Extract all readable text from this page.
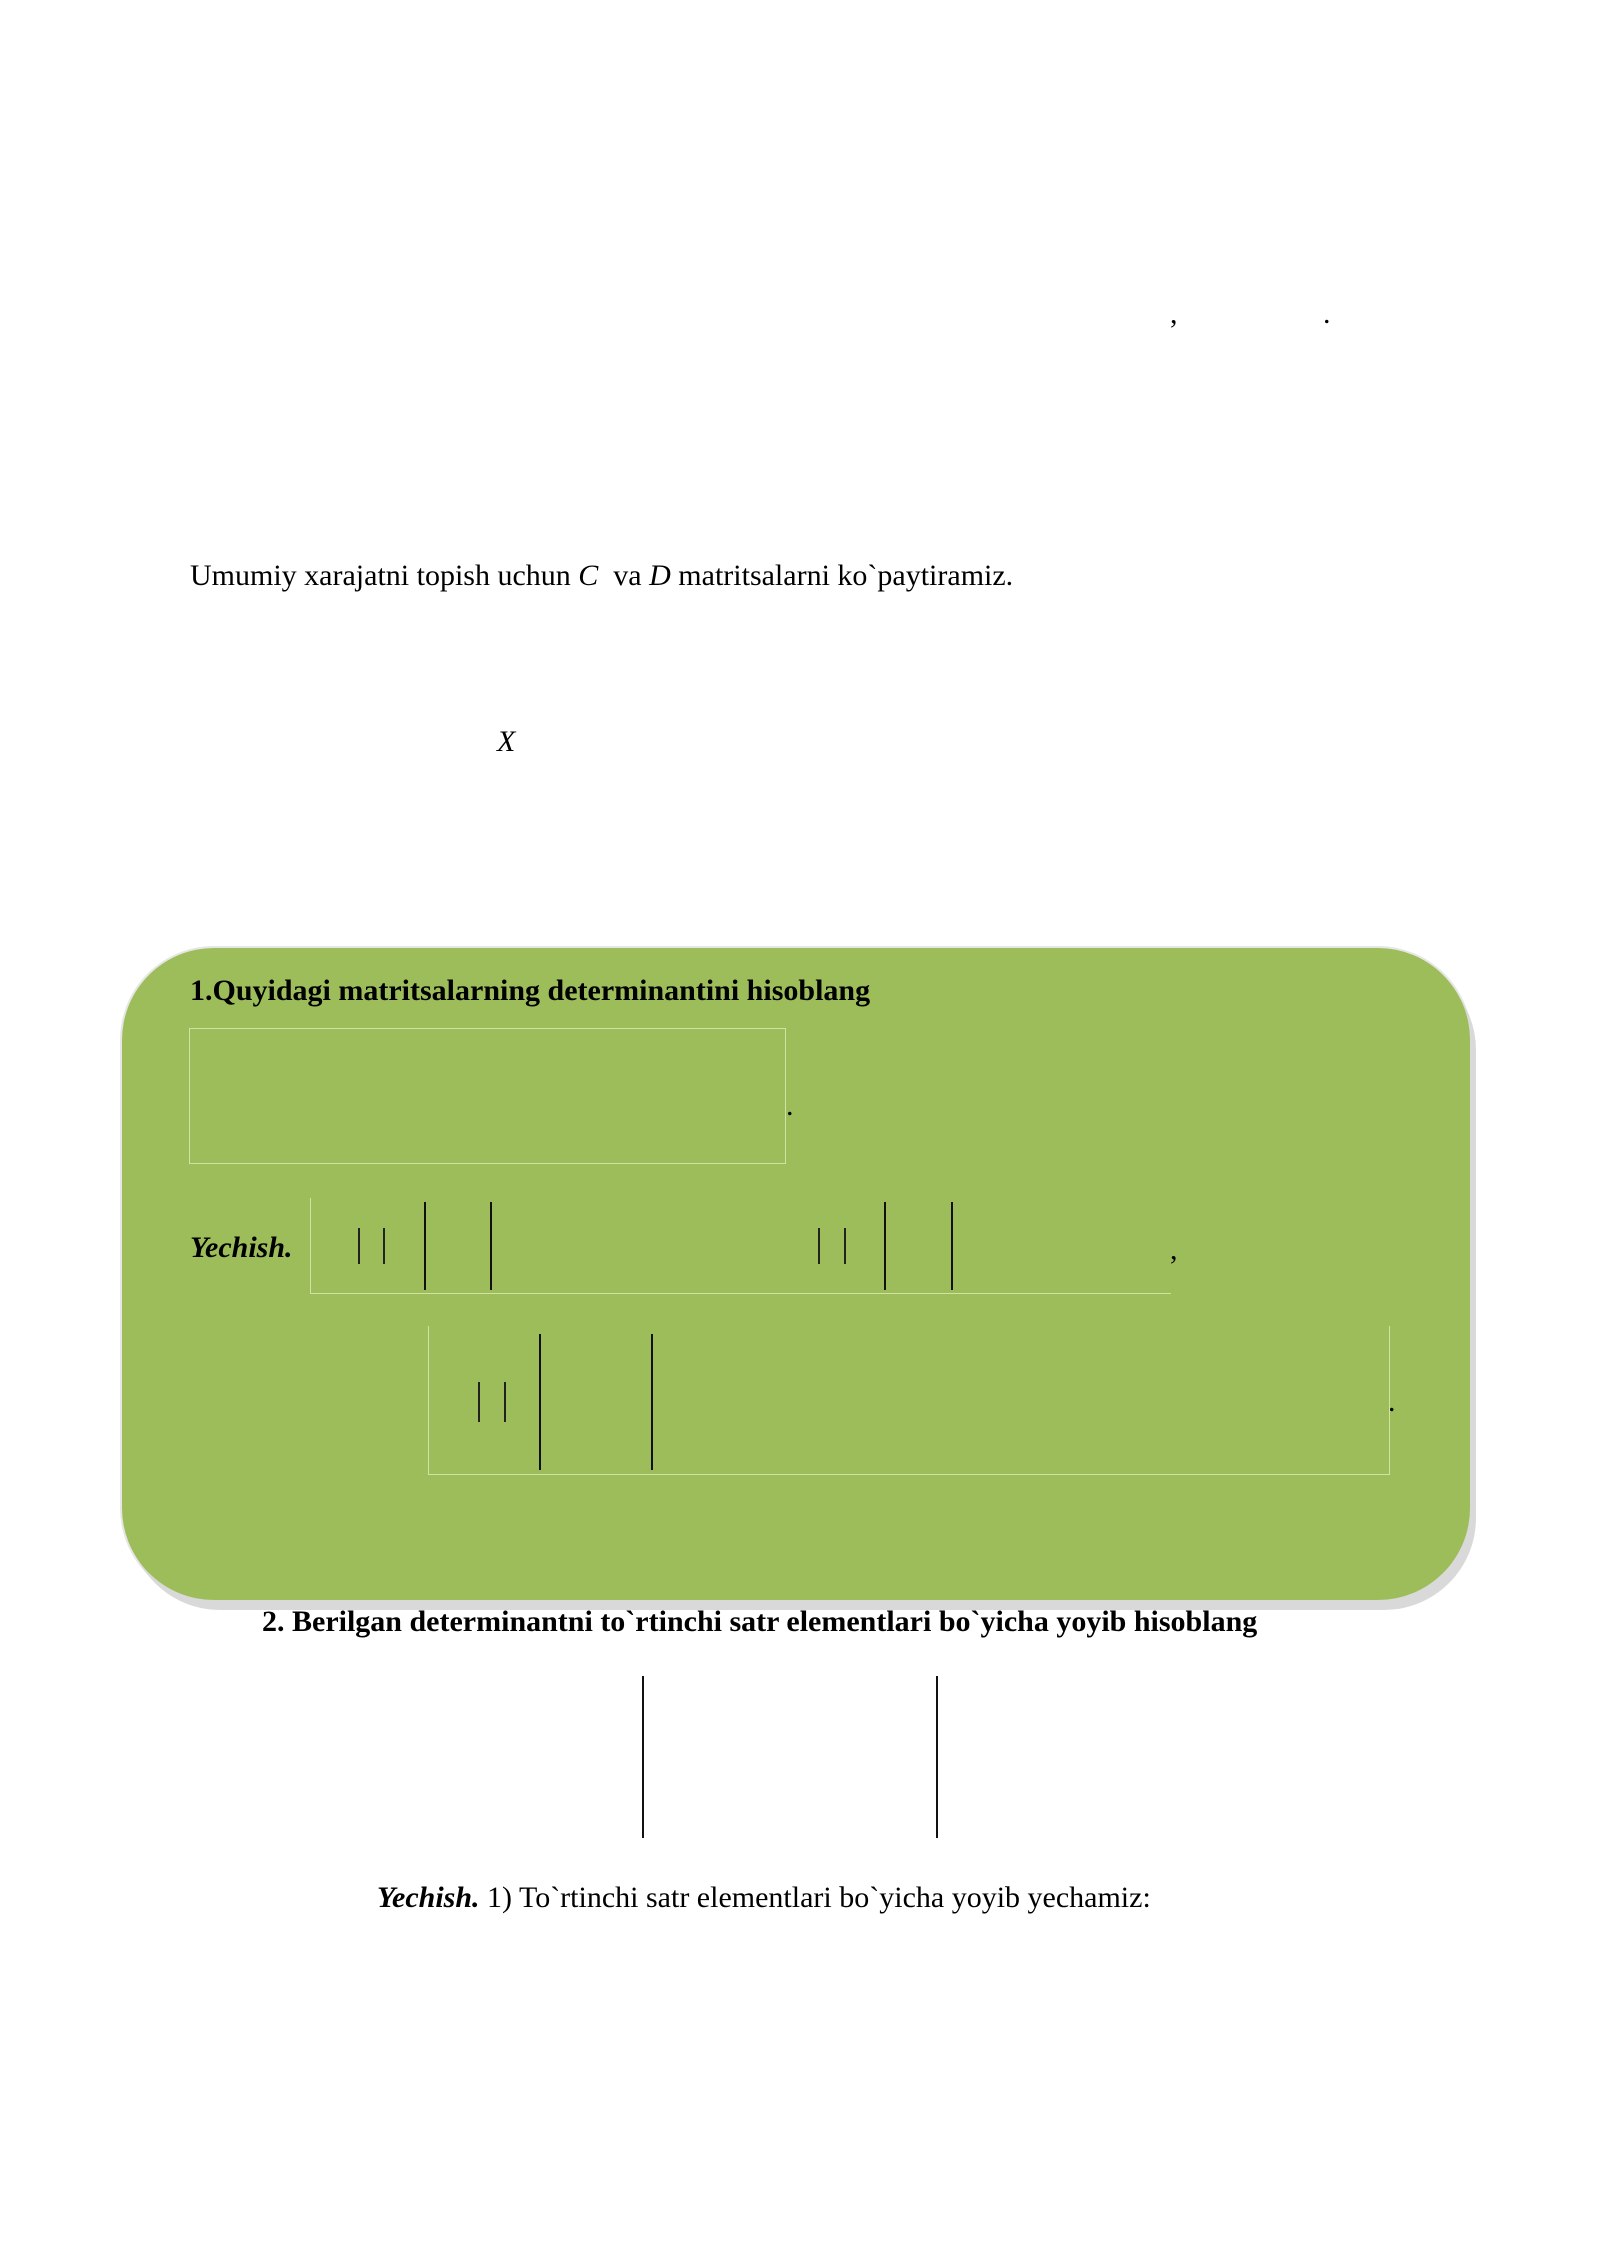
,	.
Umumiy xarajatni topish uchun C  va D matritsalarni ko`paytiramiz.
X
1.Quyidagi matritsalarning determinantini hisoblang
.
Yechish.	,
.
2. Berilgan determinantni to`rtinchi satr elementlari bo`yicha yoyib hisoblang
Yechish. 1) To`rtinchi satr elementlari bo`yicha yoyib yechamiz:
